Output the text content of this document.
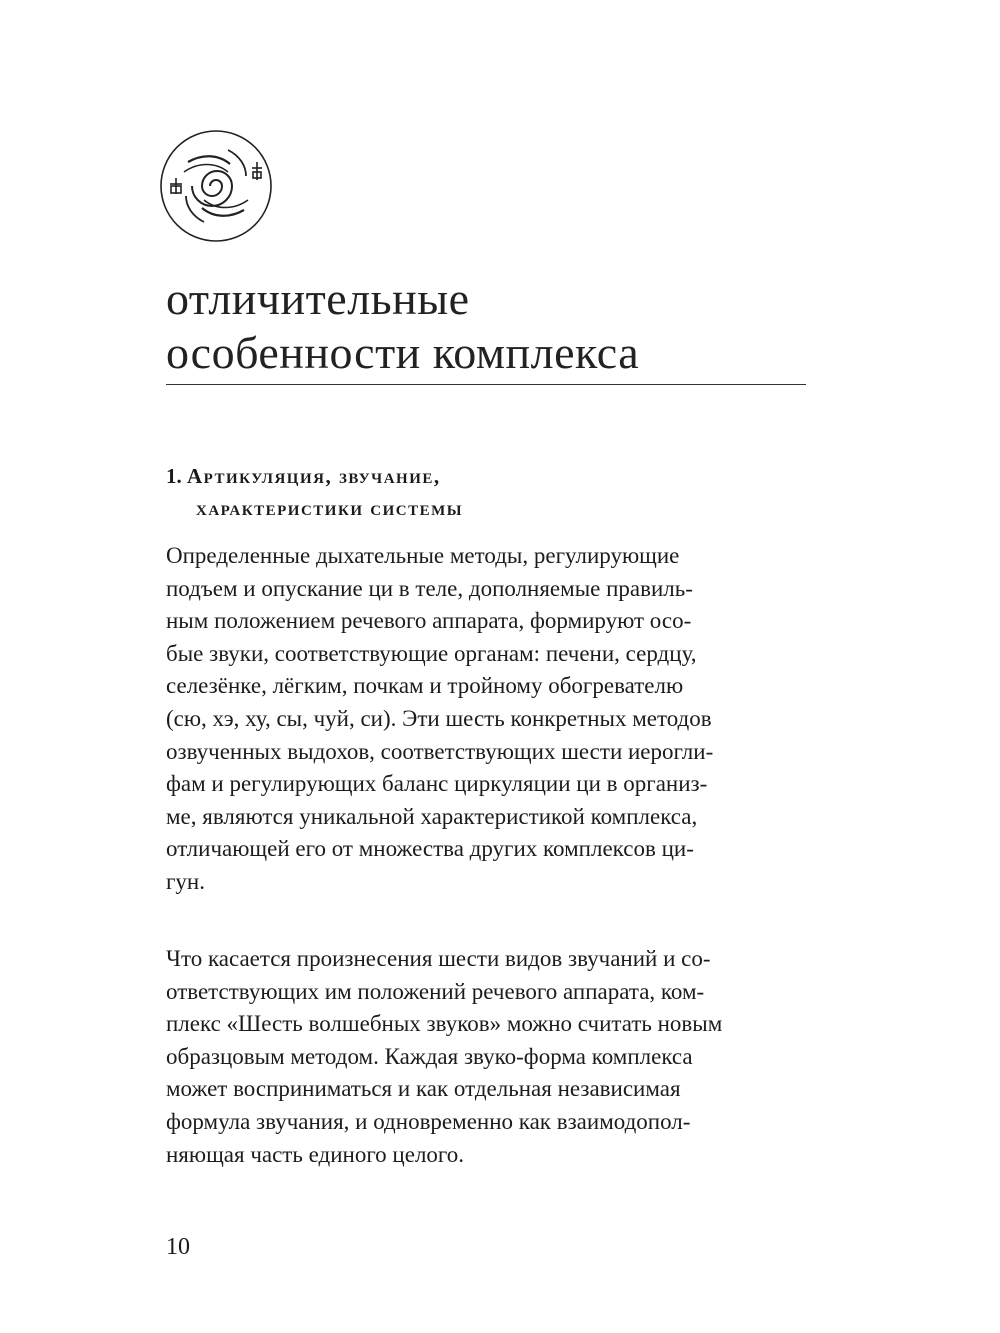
отличительные
особенности комплекса
1. Артикуляция, звучание,
характеристики системы
Определенные дыхательные методы, регулирующие
подъем и опускание ци в теле, дополняемые правиль-
ным положением речевого аппарата, формируют осо-
бые звуки, соответствующие органам: печени, сердцу,
селезёнке, лёгким, почкам и тройному обогревателю
(сю, хэ, ху, сы, чуй, си). Эти шесть конкретных методов
озвученных выдохов, соответствующих шести иерогли-
фам и регулирующих баланс циркуляции ци в организ-
ме, являются уникальной характеристикой комплекса,
отличающей его от множества других комплексов ци-
гун.
Что касается произнесения шести видов звучаний и со-
ответствующих им положений речевого аппарата, ком-
плекс «Шесть волшебных звуков» можно считать новым
образцовым методом. Каждая звуко-форма комплекса
может восприниматься и как отдельная независимая
формула звучания, и одновременно как взаимодопол-
няющая часть единого целого.
10
